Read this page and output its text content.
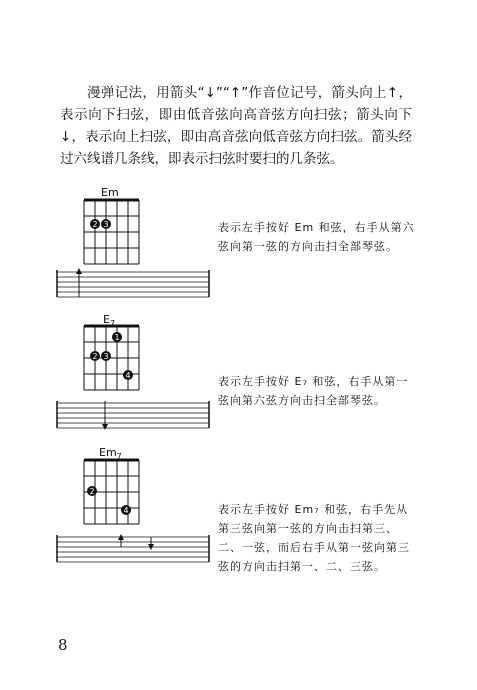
漫弹记法，用箭头“↓”“↑”作音位记号，箭头向上↑，表示向下扫弦，即由低音弦向高音弦方向扫弦；箭头向下↓，表示向上扫弦，即由高音弦向低音弦方向扫弦。箭头经过六线谱几条线，即表示扫弦时要扫的几条弦。

Em
2 3	表示左手按好 Em 和弦，右手从第六弦向第一弦的方向击扫全部琴弦。
$E_7$
1
2 3
4	表示左手按好 E₇ 和弦，右手从第一弦向第六弦方向击扫全部琴弦。
$Em_7$
2
4	表示左手按好 Em₇ 和弦，右手先从第三弦向第一弦的方向击扫第三、二、一弦，而后右手从第一弦向第三弦的方向击扫第一、二、三弦。
8
